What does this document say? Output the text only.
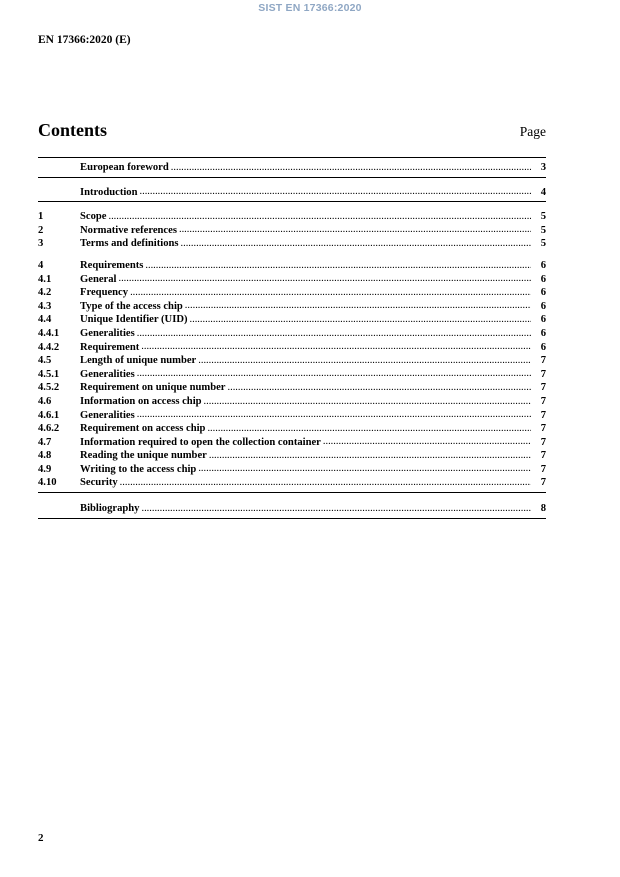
SIST EN 17366:2020
EN 17366:2020 (E)
Contents	Page
European foreword .....	3
Introduction .....	4
1	Scope .....	5
2	Normative references .....	5
3	Terms and definitions .....	5
4	Requirements .....	6
4.1	General .....	6
4.2	Frequency .....	6
4.3	Type of the access chip .....	6
4.4	Unique Identifier (UID) .....	6
4.4.1	Generalities .....	6
4.4.2	Requirement .....	6
4.5	Length of unique number .....	7
4.5.1	Generalities .....	7
4.5.2	Requirement on unique number .....	7
4.6	Information on access chip .....	7
4.6.1	Generalities .....	7
4.6.2	Requirement on access chip .....	7
4.7	Information required to open the collection container .....	7
4.8	Reading the unique number .....	7
4.9	Writing to the access chip .....	7
4.10	Security .....	7
Bibliography .....	8
2
